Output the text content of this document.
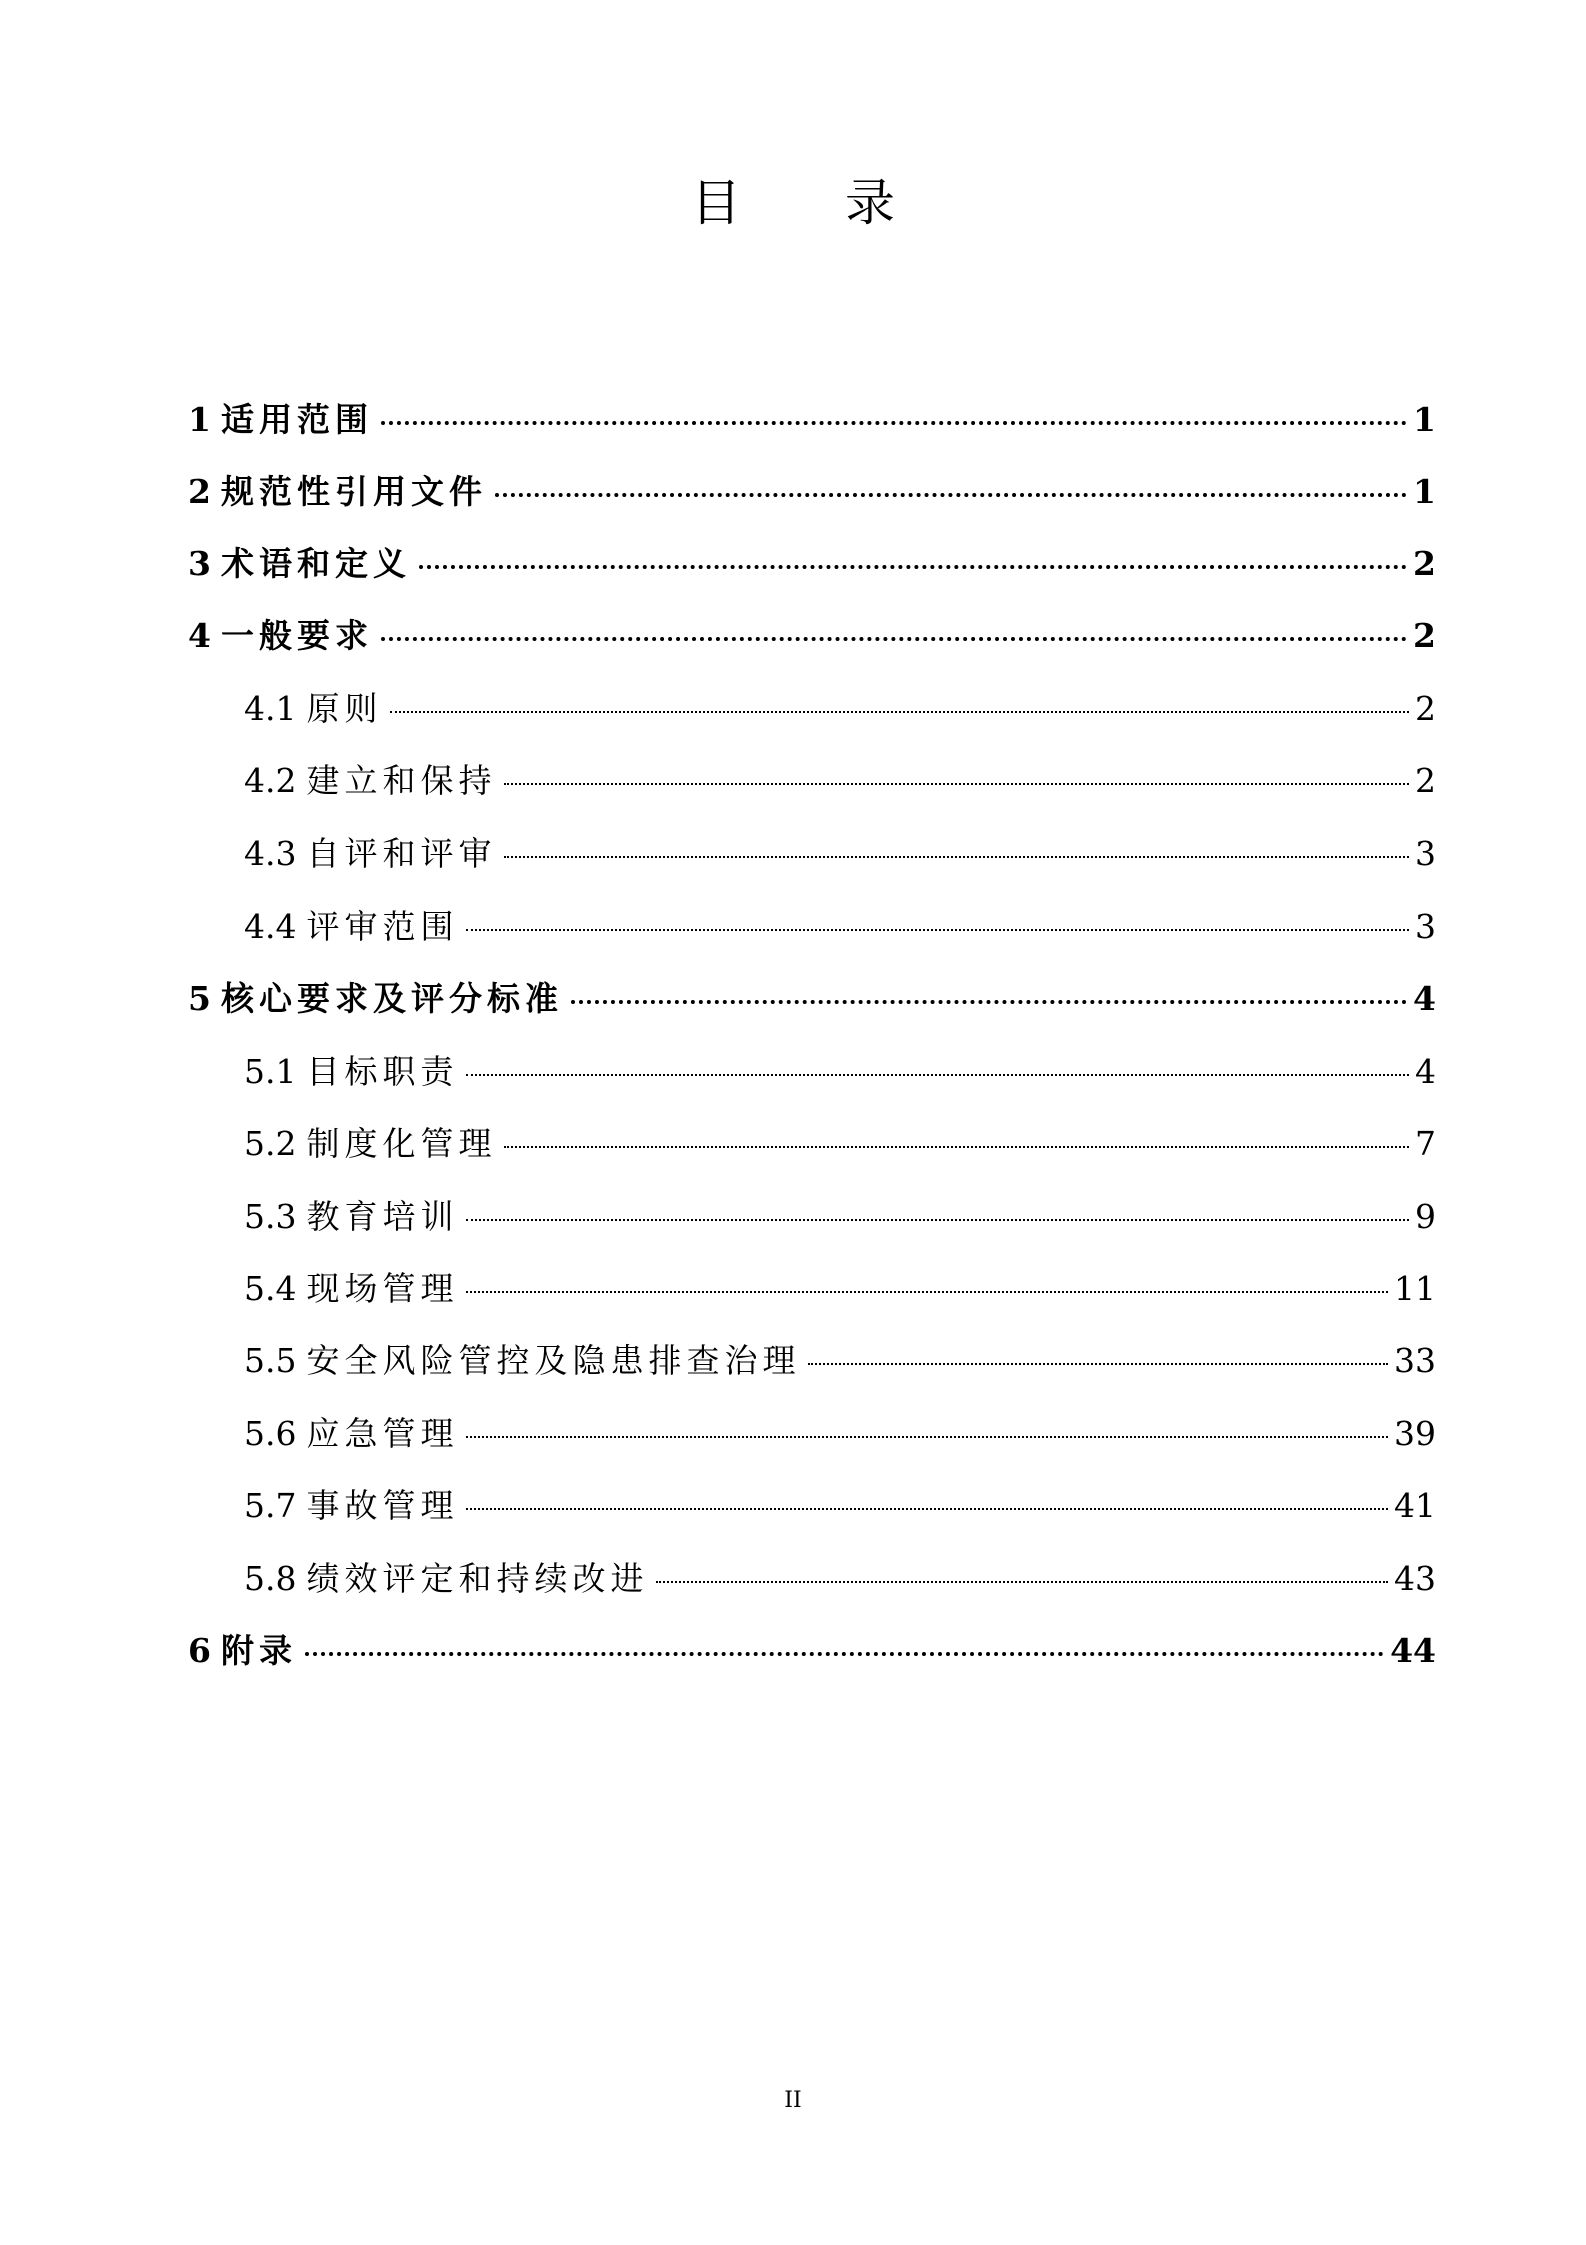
目 录
1 适用范围	1
2 规范性引用文件	1
3 术语和定义	2
4 一般要求	2
4.1 原则	2
4.2 建立和保持	2
4.3 自评和评审	3
4.4 评审范围	3
5 核心要求及评分标准	4
5.1 目标职责	4
5.2 制度化管理	7
5.3 教育培训	9
5.4 现场管理	11
5.5 安全风险管控及隐患排查治理	33
5.6 应急管理	39
5.7 事故管理	41
5.8 绩效评定和持续改进	43
6 附录	44
II
